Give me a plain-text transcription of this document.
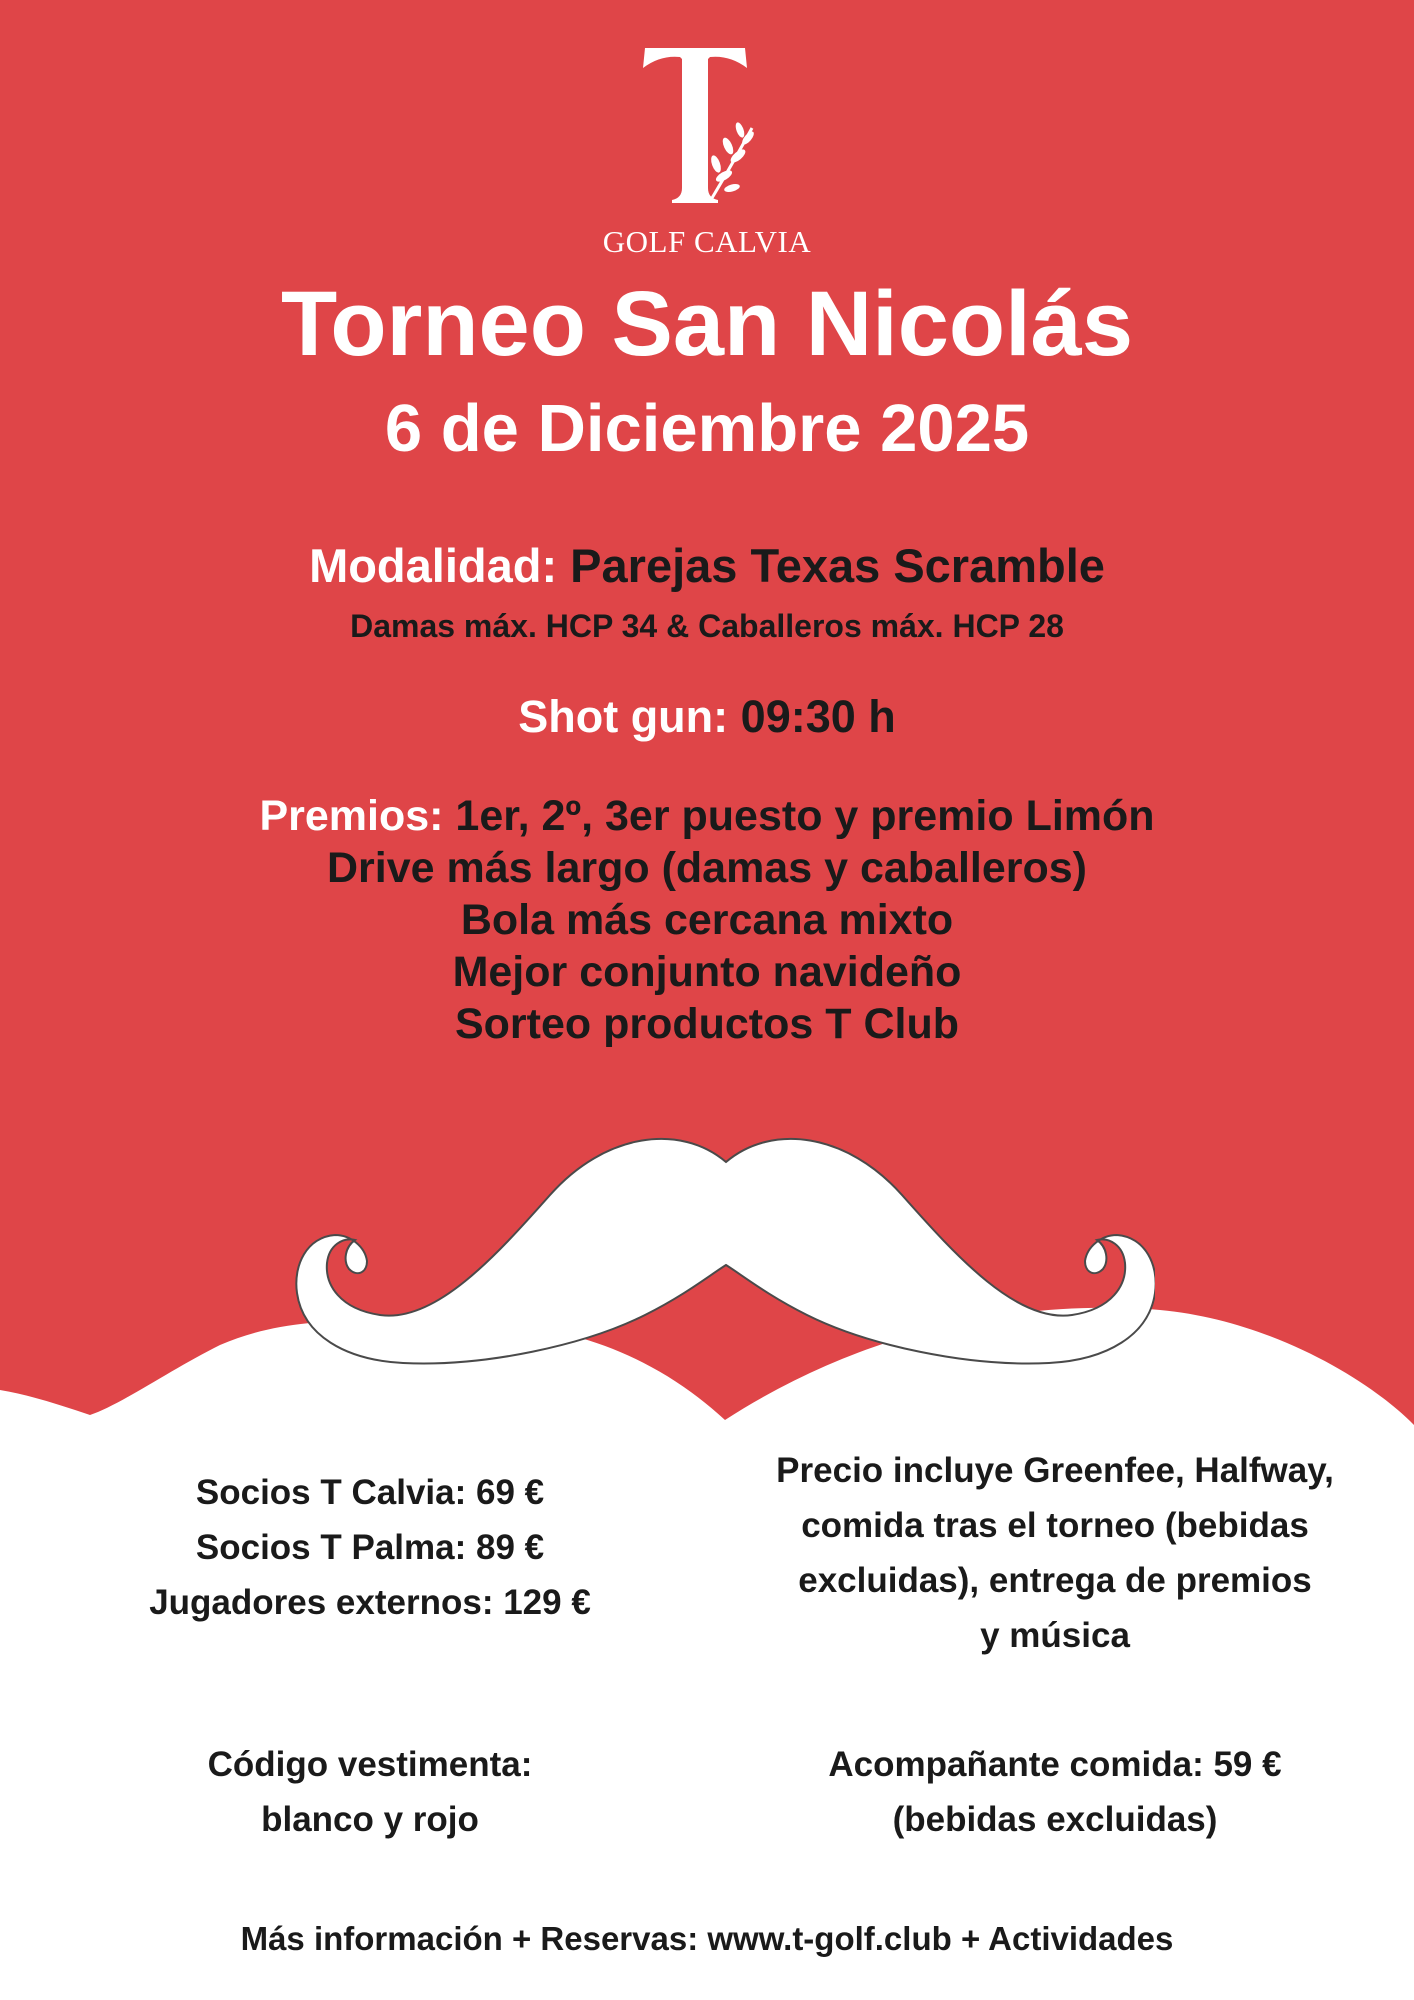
GOLF CALVIA
Torneo San Nicolás
6 de Diciembre 2025
Modalidad: Parejas Texas Scramble
Damas máx. HCP 34 & Caballeros máx. HCP 28
Shot gun: 09:30 h
Premios: 1er, 2º, 3er puesto y premio Limón
Drive más largo (damas y caballeros)
Bola más cercana mixto
Mejor conjunto navideño
Sorteo productos T Club
Socios T Calvia: 69 €
Socios T Palma: 89 €
Jugadores externos: 129 €
Precio incluye Greenfee, Halfway,
comida tras el torneo (bebidas
excluidas), entrega de premios
y música
Código vestimenta:
blanco y rojo
Acompañante comida: 59 €
(bebidas excluidas)
Más información + Reservas: www.t-golf.club + Actividades
